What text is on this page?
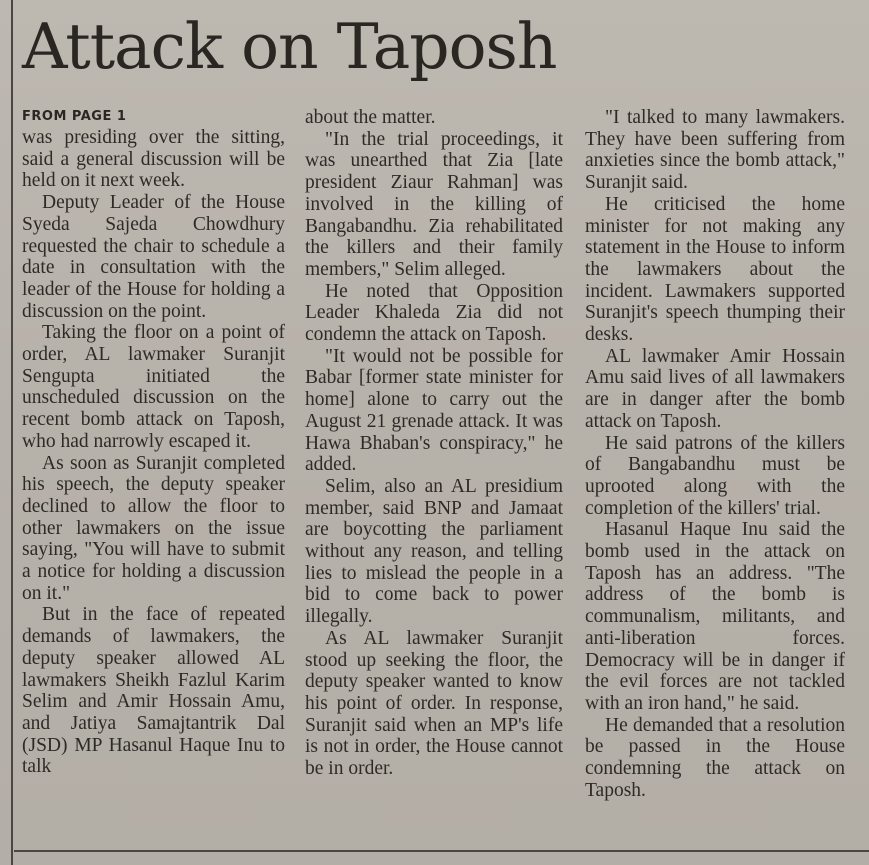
Attack on Taposh
FROM PAGE 1

was presiding over the sitting, said a general discussion will be held on it next week.

Deputy Leader of the House Syeda Sajeda Chowdhury requested the chair to schedule a date in consultation with the leader of the House for holding a discussion on the point.

Taking the floor on a point of order, AL lawmaker Suranjit Sengupta initiated the unscheduled discussion on the recent bomb attack on Taposh, who had narrowly escaped it.

As soon as Suranjit completed his speech, the deputy speaker declined to allow the floor to other lawmakers on the issue saying, "You will have to submit a notice for holding a discussion on it."

But in the face of repeated demands of lawmakers, the deputy speaker allowed AL lawmakers Sheikh Fazlul Karim Selim and Amir Hossain Amu, and Jatiya Samajtantrik Dal (JSD) MP Hasanul Haque Inu to talk

about the matter.

"In the trial proceedings, it was unearthed that Zia [late president Ziaur Rahman] was involved in the killing of Bangabandhu. Zia rehabilitated the killers and their family members," Selim alleged.

He noted that Opposition Leader Khaleda Zia did not condemn the attack on Taposh.

"It would not be possible for Babar [former state minister for home] alone to carry out the August 21 grenade attack. It was Hawa Bhaban's conspiracy," he added.

Selim, also an AL presidium member, said BNP and Jamaat are boycotting the parliament without any reason, and telling lies to mislead the people in a bid to come back to power illegally.

As AL lawmaker Suranjit stood up seeking the floor, the deputy speaker wanted to know his point of order. In response, Suranjit said when an MP's life is not in order, the House cannot be in order.

"I talked to many lawmakers. They have been suffering from anxieties since the bomb attack," Suranjit said.

He criticised the home minister for not making any statement in the House to inform the lawmakers about the incident. Lawmakers supported Suranjit's speech thumping their desks.

AL lawmaker Amir Hossain Amu said lives of all lawmakers are in danger after the bomb attack on Taposh.

He said patrons of the killers of Bangabandhu must be uprooted along with the completion of the killers' trial.

Hasanul Haque Inu said the bomb used in the attack on Taposh has an address. "The address of the bomb is communalism, militants, and anti-liberation forces. Democracy will be in danger if the evil forces are not tackled with an iron hand," he said.

He demanded that a resolution be passed in the House condemning the attack on Taposh.
